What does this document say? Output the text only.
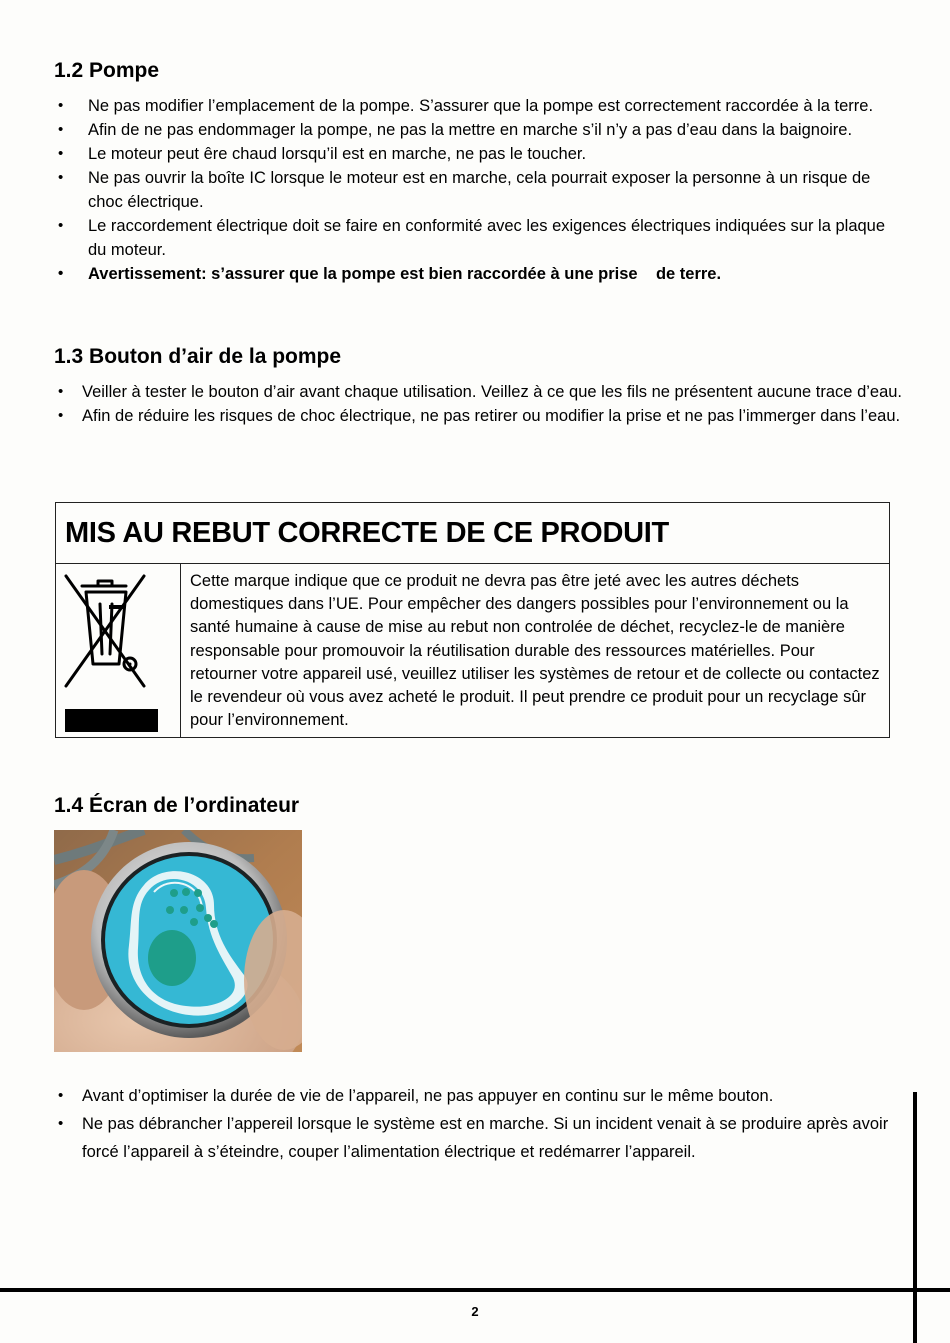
1.2 Pompe
• Ne pas modifier l’emplacement de la pompe. S’assurer que la pompe est correctement raccordée à la terre.
• Afin de ne pas endommager la pompe, ne pas la mettre en marche s’il n’y a pas d’eau dans la baignoire.
• Le moteur peut êre chaud lorsqu’il est en marche, ne pas le toucher.
• Ne pas ouvrir la boîte IC lorsque le moteur est en marche, cela pourrait exposer la personne à un risque de choc électrique.
• Le raccordement électrique doit se faire en conformité avec les exigences électriques indiquées sur la plaque du moteur.
• Avertissement: s’assurer que la pompe est bien raccordée à une prise    de terre.
1.3 Bouton d’air de la pompe
• Veiller à tester le bouton d’air avant chaque utilisation. Veillez à ce que les fils ne présentent aucune trace d’eau.
• Afin de réduire les risques de choc électrique, ne pas retirer ou modifier la prise et ne pas l’immerger dans l’eau.
MIS AU REBUT CORRECTE DE CE PRODUIT
Cette marque indique que ce produit ne devra pas être jeté avec les autres déchets domestiques dans l’UE. Pour empêcher des dangers possibles pour l’environnement ou la santé humaine à cause de mise au rebut non controlée de déchet, recyclez-le de manière responsable pour promouvoir la réutilisation durable des ressources matérielles. Pour retourner votre appareil usé, veuillez utiliser les systèmes de retour et de collecte ou contactez le revendeur où vous avez acheté le produit. Il peut prendre ce produit pour un recyclage sûr pour l’environnement.
1.4 Écran de l’ordinateur
• Avant d’optimiser la durée de vie de l’appareil, ne pas appuyer en continu sur le même bouton.
• Ne pas débrancher l’appereil lorsque le système est en marche. Si un incident venait à se produire après avoir forcé l’appareil à s’éteindre, couper l’alimentation électrique et redémarrer l’appareil.
2
